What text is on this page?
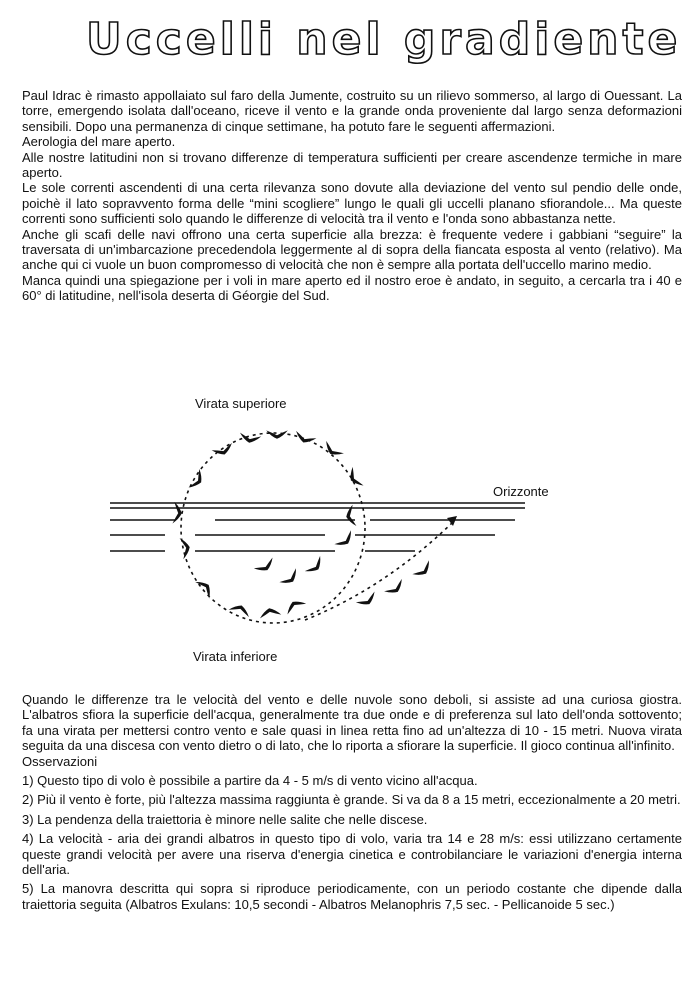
Uccelli nel gradiente

Paul Idrac è rimasto appollaiato sul faro della Jumente, costruito su un rilievo sommerso, al largo di Ouessant. La torre, emergendo isolata dall'oceano, riceve il vento e la grande onda proveniente dal largo senza deformazioni sensibili. Dopo una permanenza di cinque settimane, ha potuto fare le seguenti affermazioni.

Aerologia del mare aperto.

Alle nostre latitudini non si trovano differenze di temperatura sufficienti per creare ascendenze termiche in mare aperto.

Le sole correnti ascendenti di una certa rilevanza sono dovute alla deviazione del vento sul pendio delle onde, poichè il lato sopravvento forma delle “mini scogliere” lungo le quali gli uccelli planano sfiorandole... Ma queste correnti sono sufficienti solo quando le differenze di velocità tra il vento e l'onda sono abbastanza nette.

Anche gli scafi delle navi offrono una certa superficie alla brezza: è frequente vedere i gabbiani “seguire” la traversata di un'imbarcazione precedendola leggermente al di sopra della fiancata esposta al vento (relativo). Ma anche qui ci vuole un buon compromesso di velocità che non è sempre alla portata dell'uccello marino medio.

Manca quindi una spiegazione per i voli in mare aperto ed il nostro eroe è andato, in seguito, a cercarla tra i 40 e 60° di latitudine, nell'isola deserta di Géorgie del Sud.

Virata superiore
Virata inferiore
Orizzonte

Quando le differenze tra le velocità del vento e delle nuvole sono deboli, si assiste ad una curiosa giostra. L'albatros sfiora la superficie dell'acqua, generalmente tra due onde e di preferenza sul lato dell'onda sottovento; fa una virata per mettersi contro vento e sale quasi in linea retta fino ad un'altezza di 10 - 15 metri. Nuova virata seguita da una discesa con vento dietro o di lato, che lo riporta a sfiorare la superficie. Il gioco continua all'infinito.

Osservazioni

1) Questo tipo di volo è possibile a partire da 4 - 5 m/s di vento vicino all'acqua.

2) Più il vento è forte, più l'altezza massima raggiunta è grande. Si va da 8 a 15 metri, eccezionalmente a 20 metri.

3) La pendenza della traiettoria è minore nelle salite che nelle discese.

4) La velocità - aria dei grandi albatros in questo tipo di volo, varia tra 14 e 28 m/s: essi utilizzano certamente queste grandi velocità per avere una riserva d'energia cinetica e controbilanciare le variazioni d'energia interna dell'aria.

5) La manovra descritta qui sopra si riproduce periodicamente, con un periodo costante che dipende dalla traiettoria seguita (Albatros Exulans: 10,5 secondi - Albatros Melanophris 7,5 sec. - Pellicanoide 5 sec.)
